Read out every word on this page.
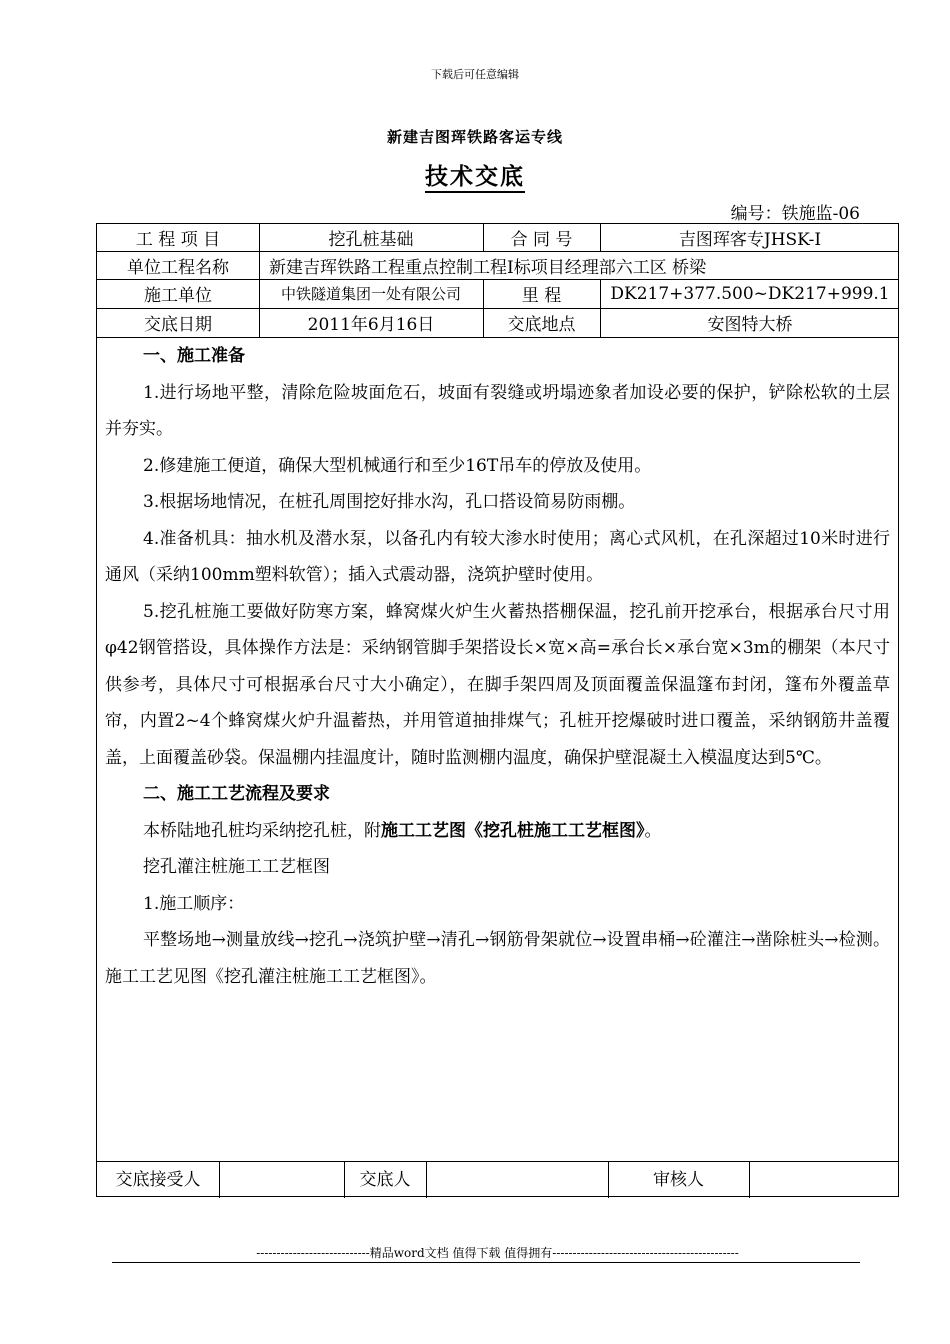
下载后可任意编辑
新建吉图珲铁路客运专线
技术交底
编号：铁施监-06
工 程 项 目	挖孔桩基础	合 同 号	吉图珲客专JHSK-Ⅰ
单位工程名称	新建吉珲铁路工程重点控制工程Ⅰ标项目经理部六工区 桥梁
施工单位	中铁隧道集团一处有限公司	里 程	DK217+377.500~DK217+999.1
交底日期	2011年6月16日	交底地点	安图特大桥

一、施工准备

1.进行场地平整，清除危险坡面危石，坡面有裂缝或坍塌迹象者加设必要的保护，铲除松软的土层并夯实。

2.修建施工便道，确保大型机械通行和至少16T吊车的停放及使用。

3.根据场地情况，在桩孔周围挖好排水沟，孔口搭设简易防雨棚。

4.准备机具：抽水机及潜水泵，以备孔内有较大渗水时使用；离心式风机，在孔深超过10米时进行通风（采纳100mm塑料软管）；插入式震动器，浇筑护壁时使用。

5.挖孔桩施工要做好防寒方案，蜂窝煤火炉生火蓄热搭棚保温，挖孔前开挖承台，根据承台尺寸用 φ42钢管搭设，具体操作方法是：采纳钢管脚手架搭设长×宽×高=承台长×承台宽×3m的棚架（本尺寸供参考，具体尺寸可根据承台尺寸大小确定），在脚手架四周及顶面覆盖保温篷布封闭，篷布外覆盖草帘，内置2~4个蜂窝煤火炉升温蓄热，并用管道抽排煤气；孔桩开挖爆破时进口覆盖，采纳钢筋井盖覆盖，上面覆盖砂袋。保温棚内挂温度计，随时监测棚内温度，确保护壁混凝土入模温度达到5℃。

二、施工工艺流程及要求

本桥陆地孔桩均采纳挖孔桩，附施工工艺图《挖孔桩施工工艺框图》。

挖孔灌注桩施工工艺框图

1.施工顺序：

平整场地→测量放线→挖孔→浇筑护壁→清孔→钢筋骨架就位→设置串桶→砼灌注→凿除桩头→检测。施工工艺见图《挖孔灌注桩施工工艺框图》。

交底接受人	交底人	审核人
----------------------------精品word文档 值得下载 值得拥有----------------------------------------------
